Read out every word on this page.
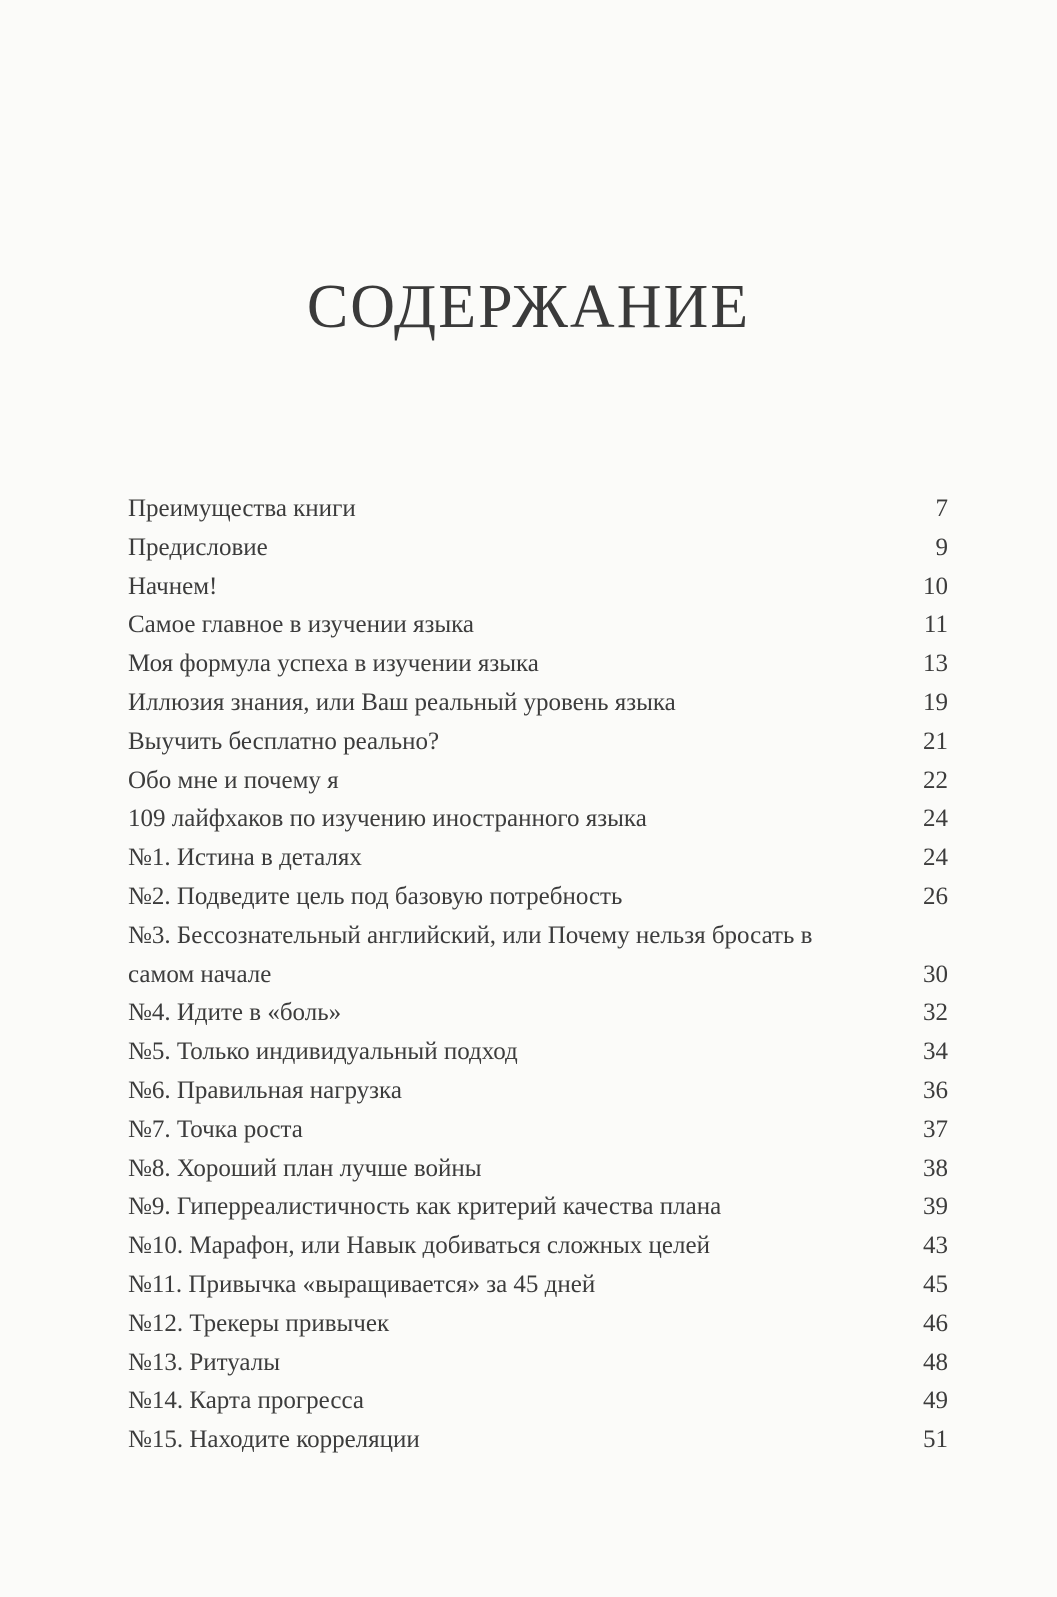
СОДЕРЖАНИЕ
Преимущества книги	7
Предисловие	9
Начнем!	10
Самое главное в изучении языка	11
Моя формула успеха в изучении языка	13
Иллюзия знания, или Ваш реальный уровень языка	19
Выучить бесплатно реально?	21
Обо мне и почему я	22
109 лайфхаков по изучению иностранного языка	24
№1. Истина в деталях	24
№2. Подведите цель под базовую потребность	26
№3. Бессознательный английский, или Почему нельзя бросать в самом начале	30
№4. Идите в «боль»	32
№5. Только индивидуальный подход	34
№6. Правильная нагрузка	36
№7. Точка роста	37
№8. Хороший план лучше войны	38
№9. Гиперреалистичность как критерий качества плана	39
№10. Марафон, или Навык добиваться сложных целей	43
№11. Привычка «выращивается» за 45 дней	45
№12. Трекеры привычек	46
№13. Ритуалы	48
№14. Карта прогресса	49
№15. Находите корреляции	51
